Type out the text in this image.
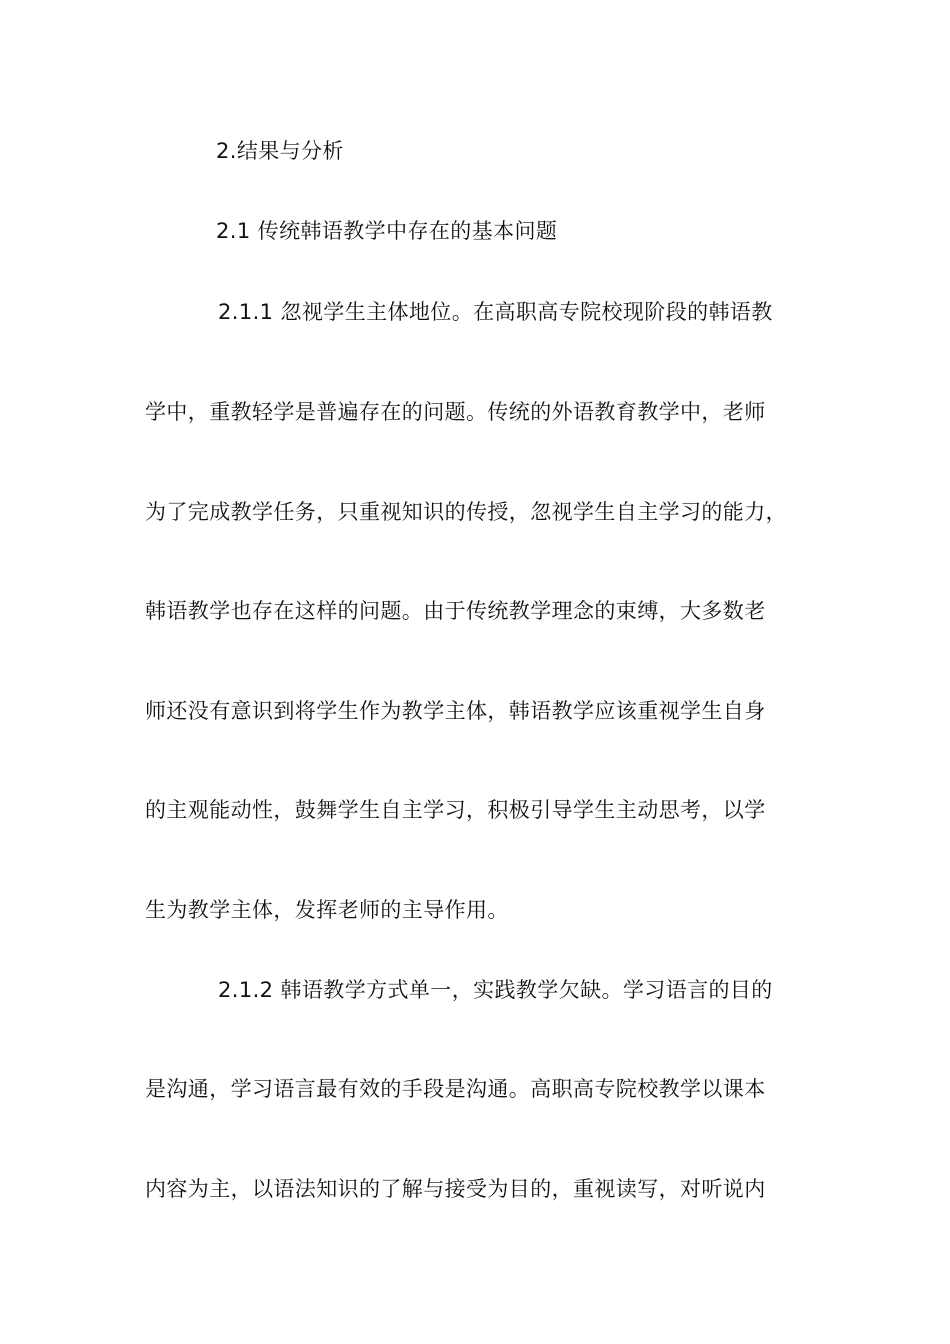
2.结果与分析
2.1 传统韩语教学中存在的基本问题
2.1.1 忽视学生主体地位。在高职高专院校现阶段的韩语教
学中，重教轻学是普遍存在的问题。传统的外语教育教学中，老师
为了完成教学任务，只重视知识的传授，忽视学生自主学习的能力，
韩语教学也存在这样的问题。由于传统教学理念的束缚，大多数老
师还没有意识到将学生作为教学主体，韩语教学应该重视学生自身
的主观能动性，鼓舞学生自主学习，积极引导学生主动思考，以学
生为教学主体，发挥老师的主导作用。
2.1.2 韩语教学方式单一，实践教学欠缺。学习语言的目的
是沟通，学习语言最有效的手段是沟通。高职高专院校教学以课本
内容为主，以语法知识的了解与接受为目的，重视读写，对听说内
